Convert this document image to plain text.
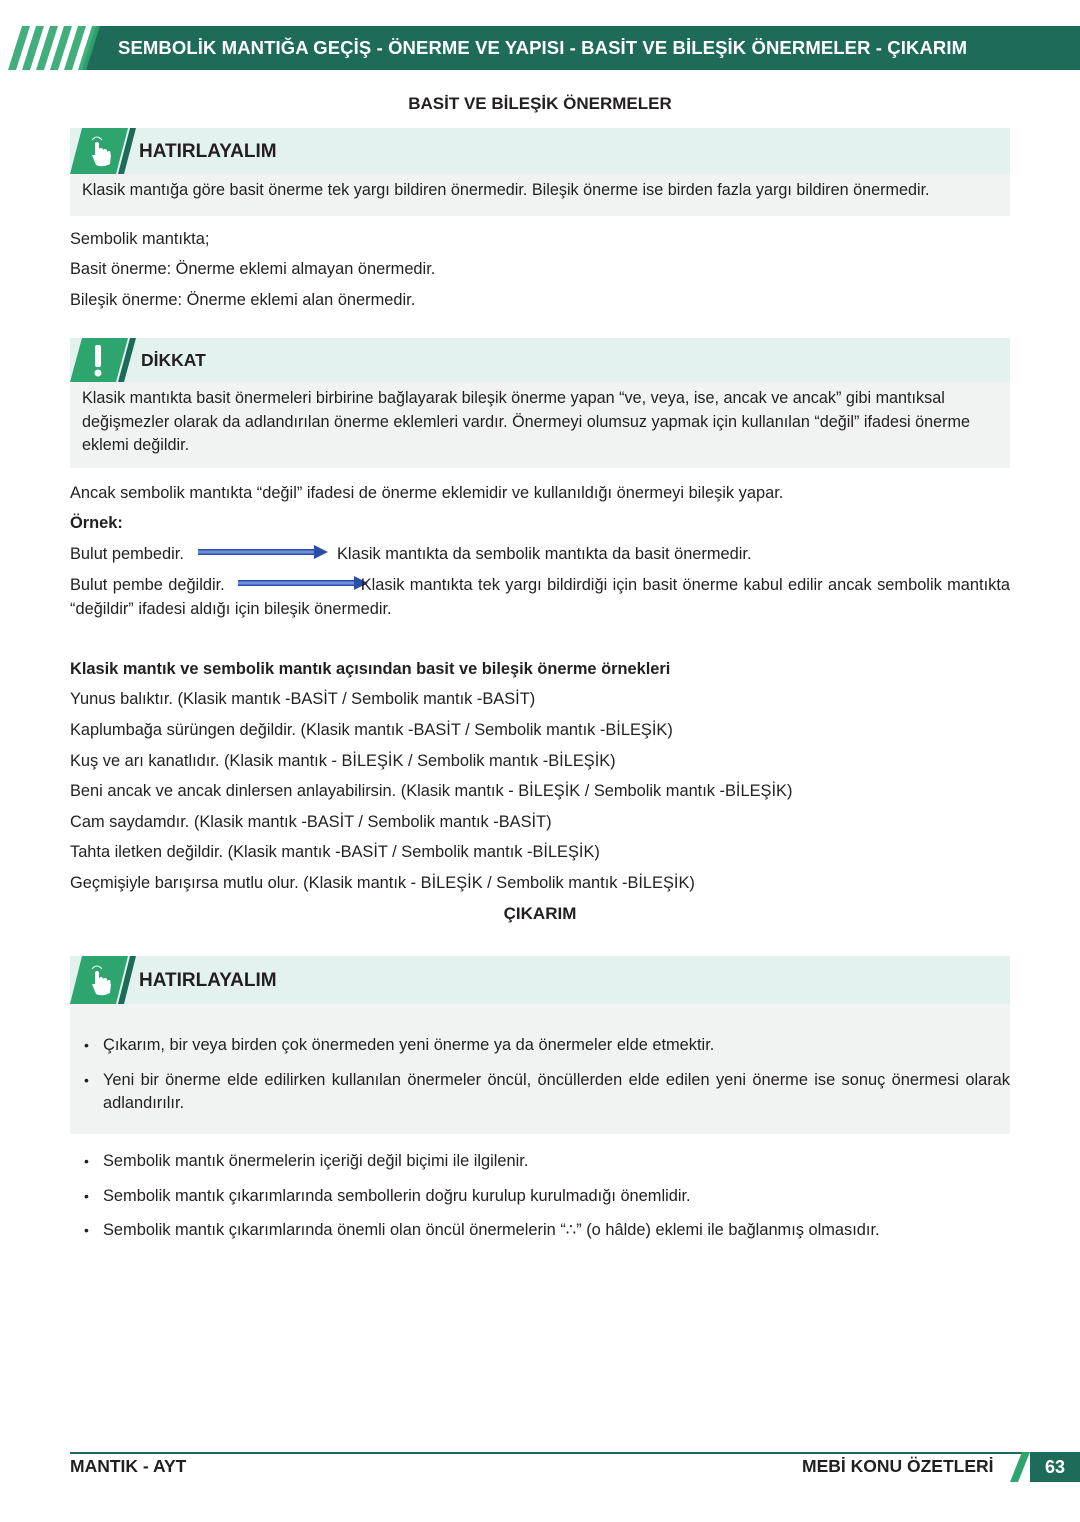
SEMBOLİK MANTIĞA GEÇİŞ - ÖNERME VE YAPISI - BASİT VE BİLEŞİK ÖNERMELER - ÇIKARIM
BASİT VE BİLEŞİK ÖNERMELER
HATIRLAYALIM
Klasik mantığa göre basit önerme tek yargı bildiren önermedir. Bileşik önerme ise birden fazla yargı bildiren önermedir.
Sembolik mantıkta;
Basit önerme: Önerme eklemi almayan önermedir.
Bileşik önerme: Önerme eklemi alan önermedir.
DİKKAT
Klasik mantıkta basit önermeleri birbirine bağlayarak bileşik önerme yapan “ve, veya, ise, ancak ve ancak” gibi mantıksal değişmezler olarak da adlandırılan önerme eklemleri vardır. Önermeyi olumsuz yapmak için kullanılan “değil” ifadesi önerme eklemi değildir.
Ancak sembolik mantıkta “değil” ifadesi de önerme eklemidir ve kullanıldığı önermeyi bileşik yapar.
Örnek:
Bulut pembedir.	Klasik mantıkta da sembolik mantıkta da basit önermedir.
Bulut pembe değildir.	Klasik mantıkta tek yargı bildirdiği için basit önerme kabul edilir ancak sembolik mantıkta “değildir” ifadesi aldığı için bileşik önermedir.
Klasik mantık ve sembolik mantık açısından basit ve bileşik önerme örnekleri
Yunus balıktır. (Klasik mantık -BASİT / Sembolik mantık -BASİT)
Kaplumbağa sürüngen değildir. (Klasik mantık -BASİT / Sembolik mantık -BİLEŞİK)
Kuş ve arı kanatlıdır. (Klasik mantık - BİLEŞİK / Sembolik mantık -BİLEŞİK)
Beni ancak ve ancak dinlersen anlayabilirsin. (Klasik mantık - BİLEŞİK / Sembolik mantık -BİLEŞİK)
Cam saydamdır. (Klasik mantık -BASİT / Sembolik mantık -BASİT)
Tahta iletken değildir. (Klasik mantık -BASİT / Sembolik mantık -BİLEŞİK)
Geçmişiyle barışırsa mutlu olur. (Klasik mantık - BİLEŞİK / Sembolik mantık -BİLEŞİK)
ÇIKARIM
HATIRLAYALIM
• Çıkarım, bir veya birden çok önermeden yeni önerme ya da önermeler elde etmektir.
• Yeni bir önerme elde edilirken kullanılan önermeler öncül, öncüllerden elde edilen yeni önerme ise sonuç önermesi olarak adlandırılır.
• Sembolik mantık önermelerin içeriği değil biçimi ile ilgilenir.
• Sembolik mantık çıkarımlarında sembollerin doğru kurulup kurulmadığı önemlidir.
• Sembolik mantık çıkarımlarında önemli olan öncül önermelerin “∴” (o hâlde) eklemi ile bağlanmış olmasıdır.
MANTIK - AYT	MEBİ KONU ÖZETLERİ	63
